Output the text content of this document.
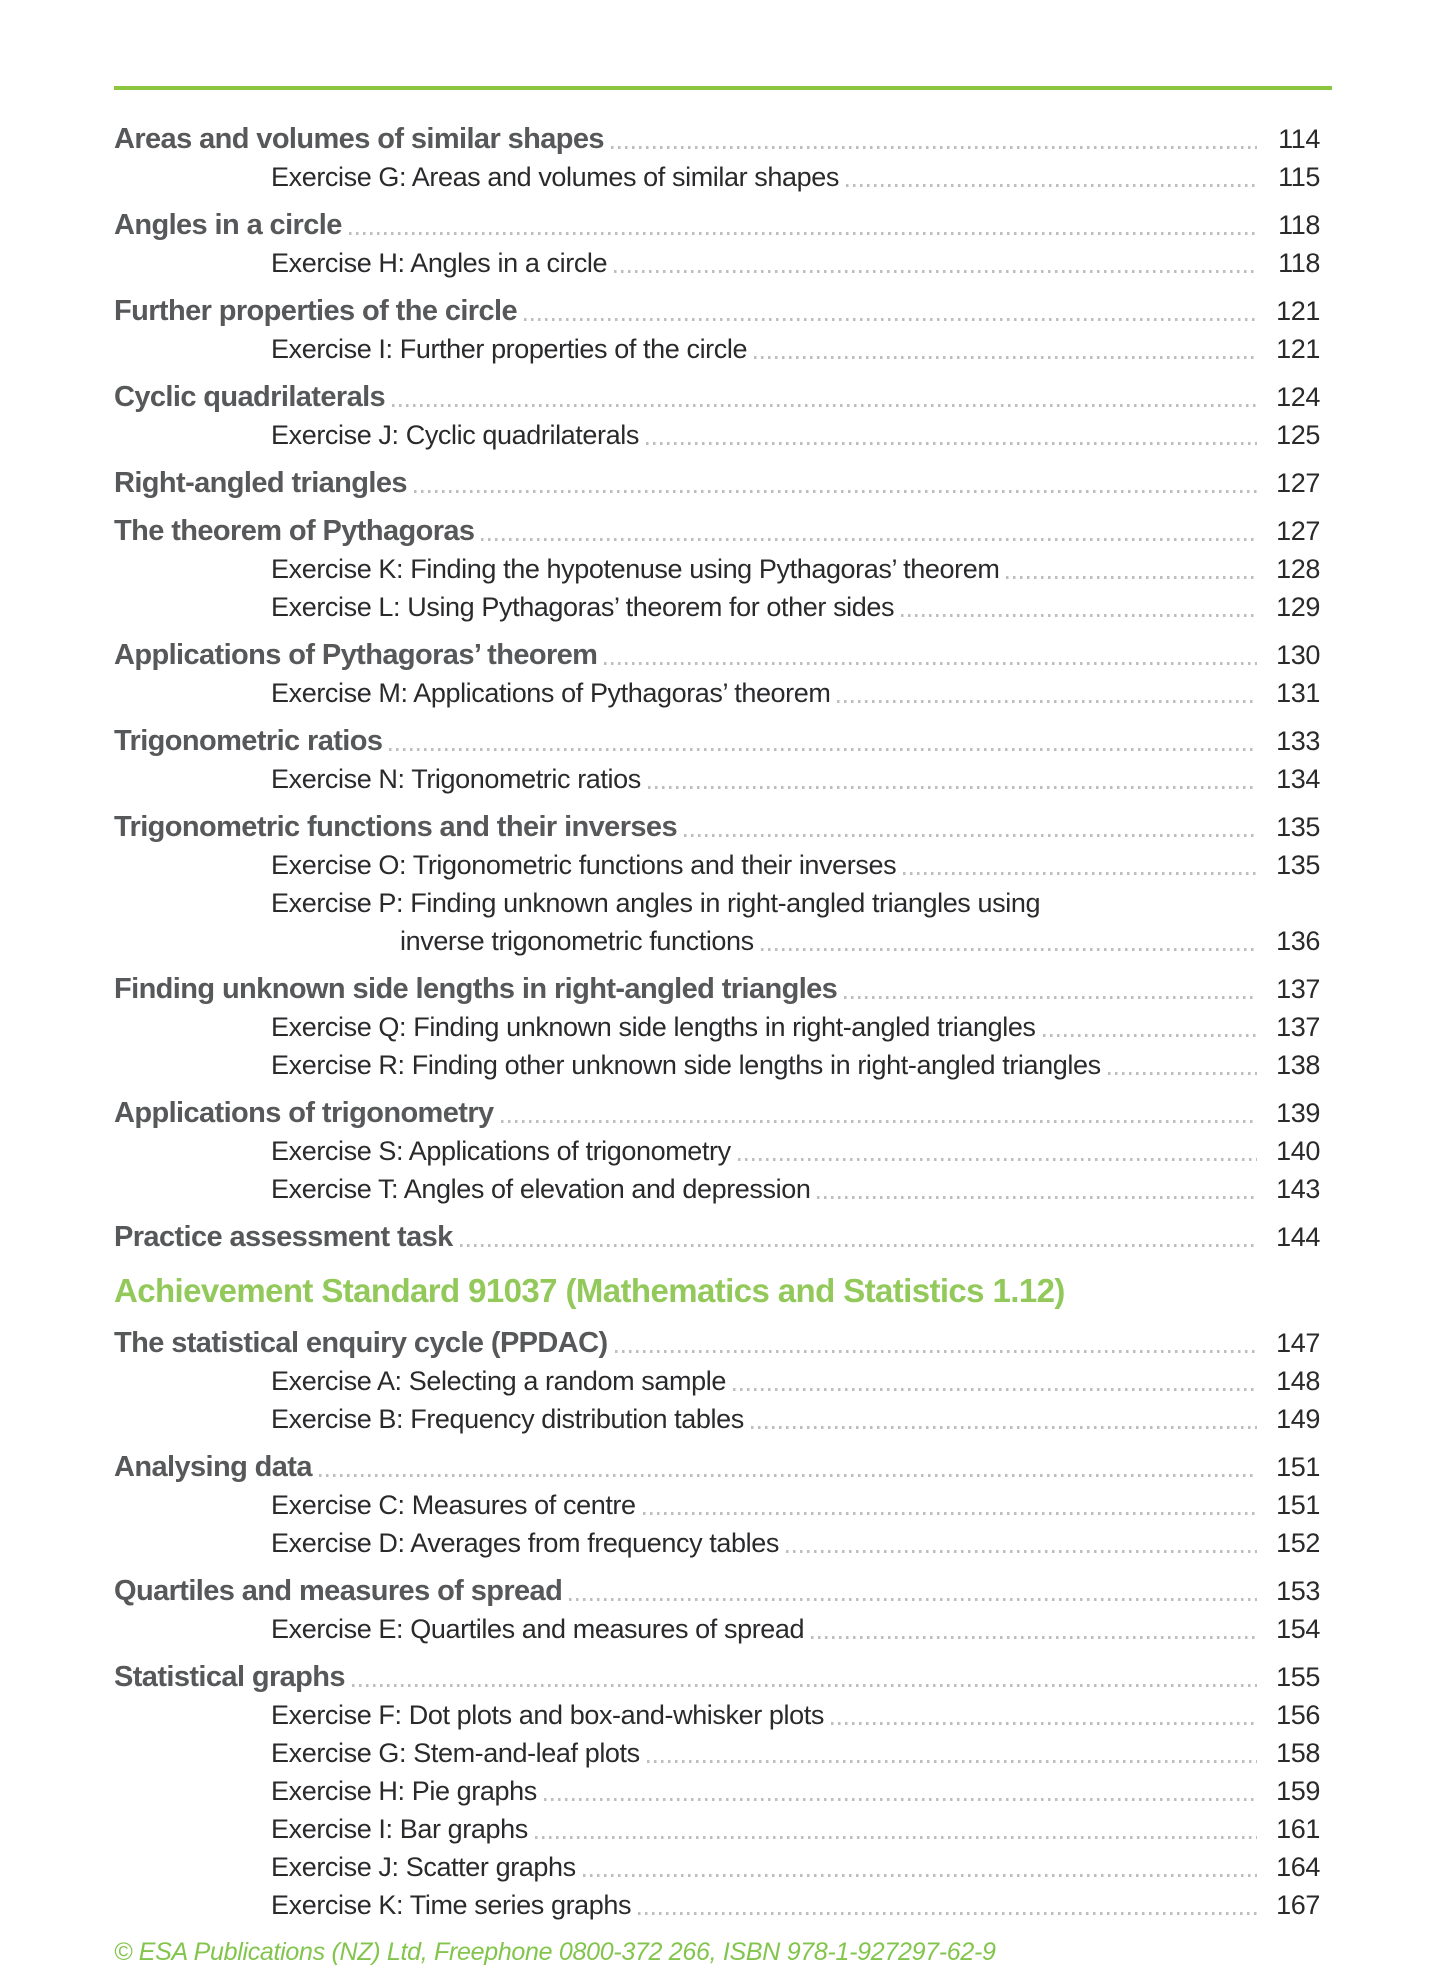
Areas and volumes of similar shapes	114
Exercise G: Areas and volumes of similar shapes	115
Angles in a circle	118
Exercise H: Angles in a circle	118
Further properties of the circle	121
Exercise I: Further properties of the circle	121
Cyclic quadrilaterals	124
Exercise J: Cyclic quadrilaterals	125
Right-angled triangles	127
The theorem of Pythagoras	127
Exercise K: Finding the hypotenuse using Pythagoras’ theorem	128
Exercise L: Using Pythagoras’ theorem for other sides	129
Applications of Pythagoras’ theorem	130
Exercise M: Applications of Pythagoras’ theorem	131
Trigonometric ratios	133
Exercise N: Trigonometric ratios	134
Trigonometric functions and their inverses	135
Exercise O: Trigonometric functions and their inverses	135
Exercise P: Finding unknown angles in right-angled triangles using
inverse trigonometric functions	136
Finding unknown side lengths in right-angled triangles	137
Exercise Q: Finding unknown side lengths in right-angled triangles	137
Exercise R: Finding other unknown side lengths in right-angled triangles	138
Applications of trigonometry	139
Exercise S: Applications of trigonometry	140
Exercise T: Angles of elevation and depression	143
Practice assessment task	144
Achievement Standard 91037 (Mathematics and Statistics 1.12)
The statistical enquiry cycle (PPDAC)	147
Exercise A: Selecting a random sample	148
Exercise B: Frequency distribution tables	149
Analysing data	151
Exercise C: Measures of centre	151
Exercise D: Averages from frequency tables	152
Quartiles and measures of spread	153
Exercise E: Quartiles and measures of spread	154
Statistical graphs	155
Exercise F: Dot plots and box-and-whisker plots	156
Exercise G: Stem-and-leaf plots	158
Exercise H: Pie graphs	159
Exercise I: Bar graphs	161
Exercise J: Scatter graphs	164
Exercise K: Time series graphs	167
© ESA Publications (NZ) Ltd, Freephone 0800-372 266, ISBN 978-1-927297-62-9
